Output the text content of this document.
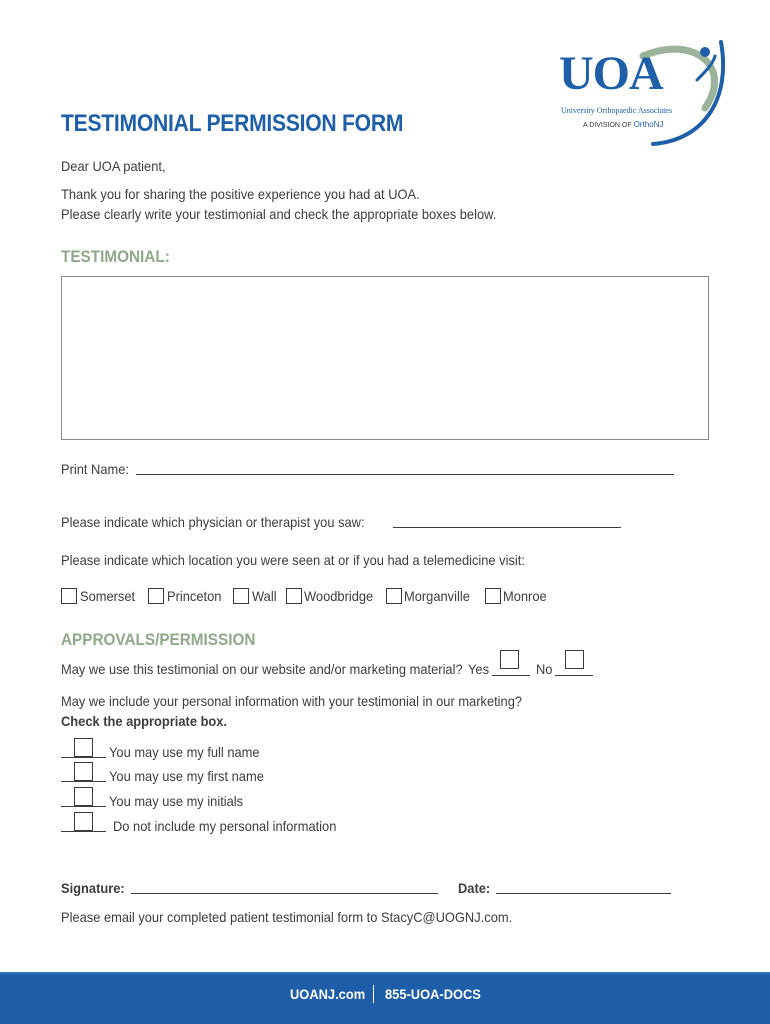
UOA
University Orthopaedic Associates
A DIVISION OF OrthoNJ
TESTIMONIAL PERMISSION FORM
Dear UOA patient,
Thank you for sharing the positive experience you had at UOA.
Please clearly write your testimonial and check the appropriate boxes below.
TESTIMONIAL:
Print Name:
Please indicate which physician or therapist you saw:
Please indicate which location you were seen at or if you had a telemedicine visit:
Somerset Princeton Wall Woodbridge Morganville Monroe
APPROVALS/PERMISSION
May we use this testimonial on our website and/or marketing material? Yes	No
May we include your personal information with your testimonial in our marketing?
Check the appropriate box.
You may use my full name
You may use my first name
You may use my initials
Do not include my personal information
Signature:	Date:
Please email your completed patient testimonial form to StacyC@UOGNJ.com.
UOANJ.com 855-UOA-DOCS
